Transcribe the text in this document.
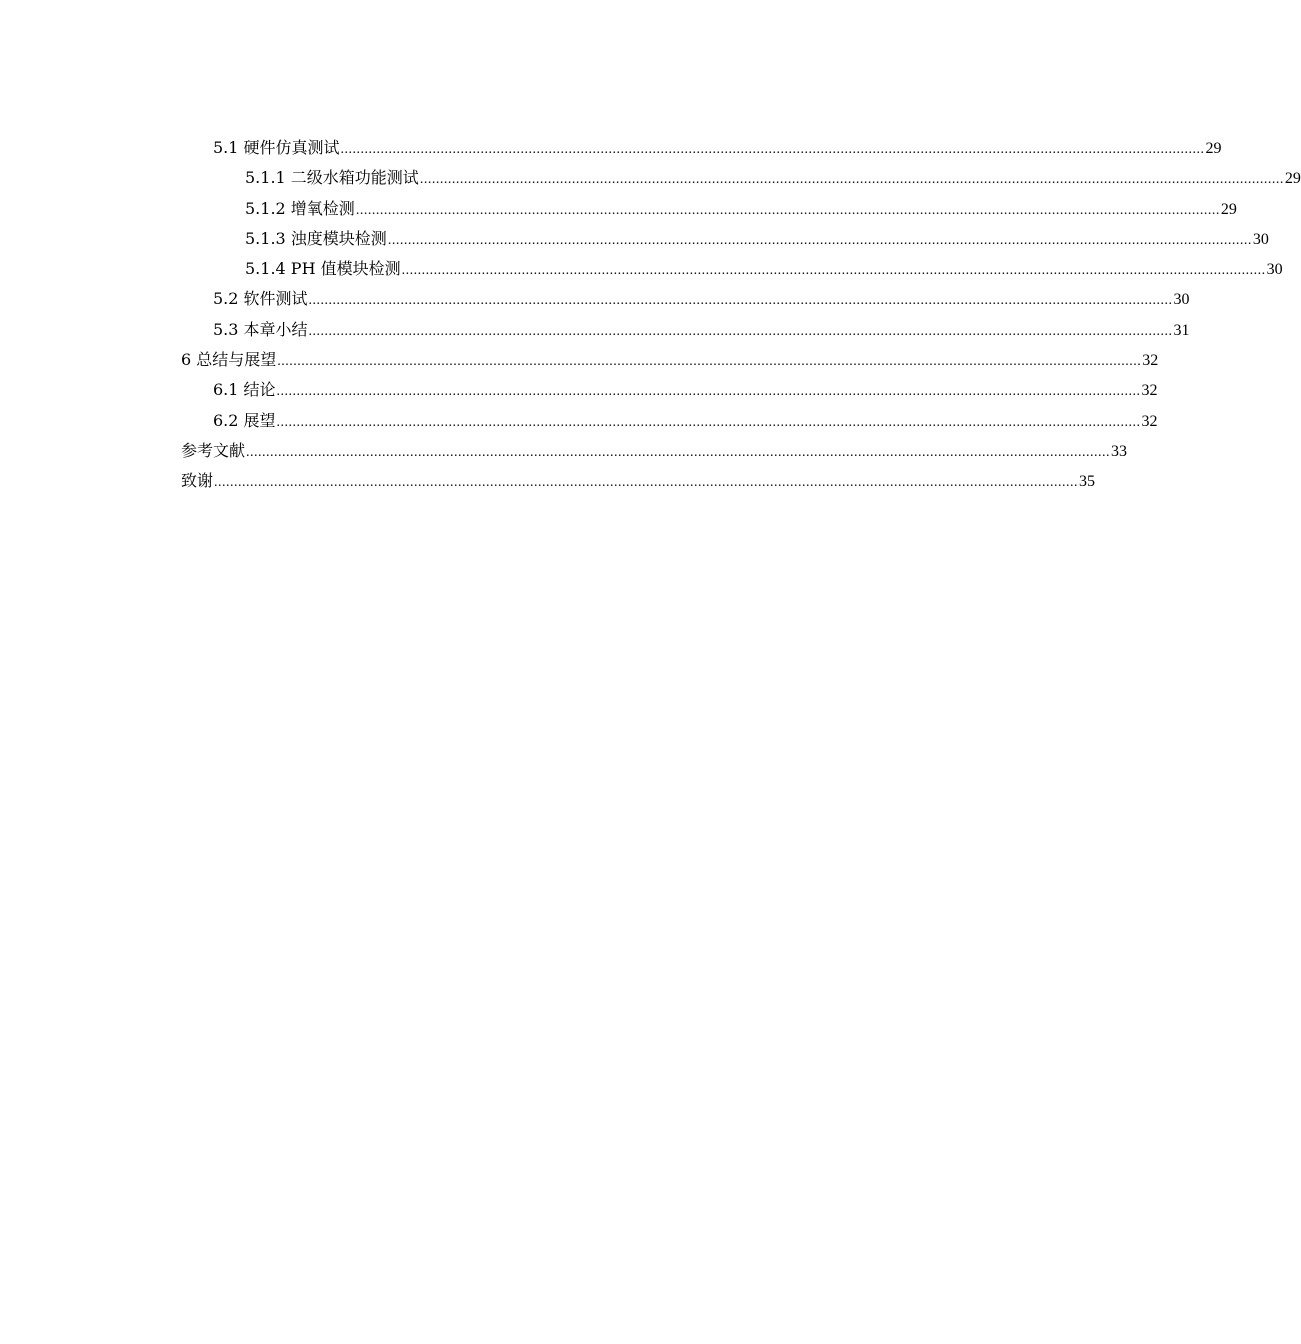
5.1 硬件仿真测试 ........................................................................................................................................................................................................................ 29
5.1.1 二级水箱功能测试 ........................................................................................................................................................................................................................ 29
5.1.2 增氧检测 ........................................................................................................................................................................................................................ 29
5.1.3 浊度模块检测 ........................................................................................................................................................................................................................ 30
5.1.4 PH 值模块检测 ........................................................................................................................................................................................................................ 30
5.2 软件测试 ........................................................................................................................................................................................................................ 30
5.3 本章小结 ........................................................................................................................................................................................................................ 31
6 总结与展望 ........................................................................................................................................................................................................................ 32
6.1 结论 ........................................................................................................................................................................................................................ 32
6.2 展望 ........................................................................................................................................................................................................................ 32
参考文献 ........................................................................................................................................................................................................................ 33
致谢 ........................................................................................................................................................................................................................ 35
